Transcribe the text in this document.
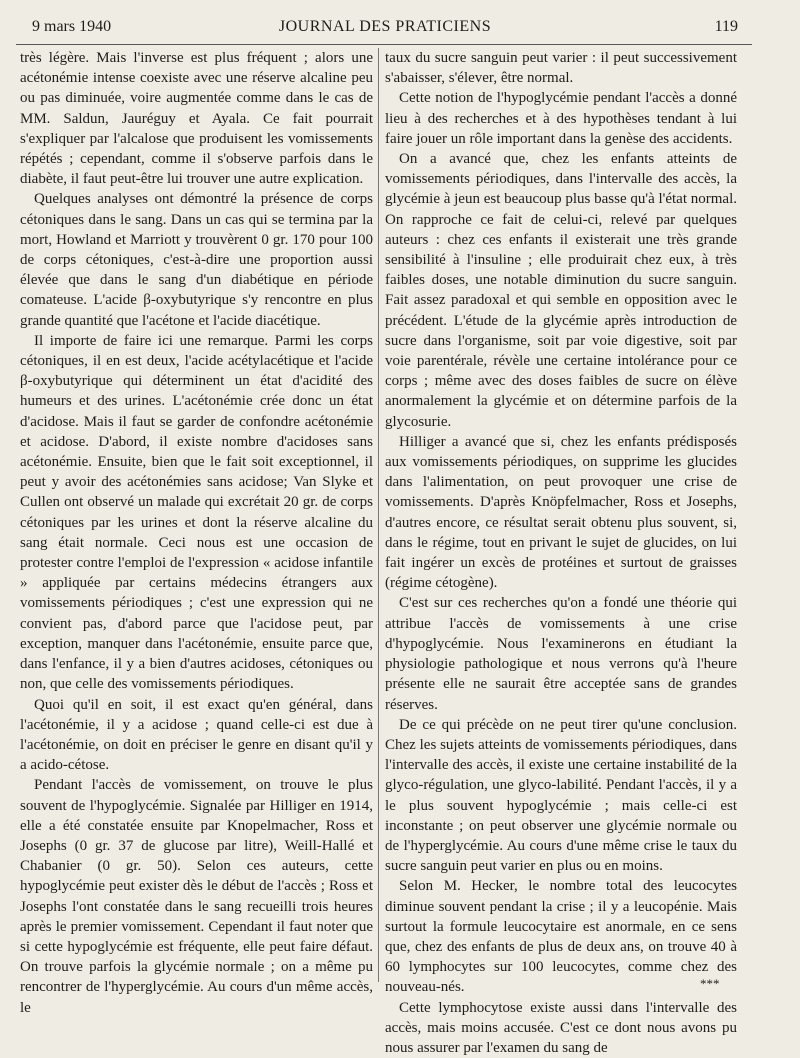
9 mars 1940	JOURNAL DES PRATICIENS	119

très légère. Mais l'inverse est plus fréquent ; alors une acétonémie intense coexiste avec une réserve alcaline peu ou pas diminuée, voire augmentée comme dans le cas de MM. Saldun, Jauréguy et Ayala. Ce fait pourrait s'expliquer par l'alcalose que produisent les vomissements répétés ; cependant, comme il s'observe parfois dans le diabète, il faut peut-être lui trouver une autre explication.

Quelques analyses ont démontré la présence de corps cétoniques dans le sang. Dans un cas qui se termina par la mort, Howland et Marriott y trouvèrent 0 gr. 170 pour 100 de corps cétoniques, c'est-à-dire une proportion aussi élevée que dans le sang d'un diabétique en période comateuse. L'acide β-oxybutyrique s'y rencontre en plus grande quantité que l'acétone et l'acide diacétique.

Il importe de faire ici une remarque. Parmi les corps cétoniques, il en est deux, l'acide acétylacétique et l'acide β-oxybutyrique qui déterminent un état d'acidité des humeurs et des urines. L'acétonémie crée donc un état d'acidose. Mais il faut se garder de confondre acétonémie et acidose. D'abord, il existe nombre d'acidoses sans acétonémie. Ensuite, bien que le fait soit exceptionnel, il peut y avoir des acétonémies sans acidose; Van Slyke et Cullen ont observé un malade qui excrétait 20 gr. de corps cétoniques par les urines et dont la réserve alcaline du sang était normale. Ceci nous est une occasion de protester contre l'emploi de l'expression « acidose infantile » appliquée par certains médecins étrangers aux vomissements périodiques ; c'est une expression qui ne convient pas, d'abord parce que l'acidose peut, par exception, manquer dans l'acétonémie, ensuite parce que, dans l'enfance, il y a bien d'autres acidoses, cétoniques ou non, que celle des vomissements périodiques.

Quoi qu'il en soit, il est exact qu'en général, dans l'acétonémie, il y a acidose ; quand celle-ci est due à l'acétonémie, on doit en préciser le genre en disant qu'il y a acido-cétose.

Pendant l'accès de vomissement, on trouve le plus souvent de l'hypoglycémie. Signalée par Hilliger en 1914, elle a été constatée ensuite par Knopelmacher, Ross et Josephs (0 gr. 37 de glucose par litre), Weill-Hallé et Chabanier (0 gr. 50). Selon ces auteurs, cette hypoglycémie peut exister dès le début de l'accès ; Ross et Josephs l'ont constatée dans le sang recueilli trois heures après le premier vomissement. Cependant il faut noter que si cette hypoglycémie est fréquente, elle peut faire défaut. On trouve parfois la glycémie normale ; on a même pu rencontrer de l'hyperglycémie. Au cours d'un même accès, le

taux du sucre sanguin peut varier : il peut successivement s'abaisser, s'élever, être normal.

Cette notion de l'hypoglycémie pendant l'accès a donné lieu à des recherches et à des hypothèses tendant à lui faire jouer un rôle important dans la genèse des accidents.

On a avancé que, chez les enfants atteints de vomissements périodiques, dans l'intervalle des accès, la glycémie à jeun est beaucoup plus basse qu'à l'état normal. On rapproche ce fait de celui-ci, relevé par quelques auteurs : chez ces enfants il existerait une très grande sensibilité à l'insuline ; elle produirait chez eux, à très faibles doses, une notable diminution du sucre sanguin. Fait assez paradoxal et qui semble en opposition avec le précédent. L'étude de la glycémie après introduction de sucre dans l'organisme, soit par voie digestive, soit par voie parentérale, révèle une certaine intolérance pour ce corps ; même avec des doses faibles de sucre on élève anormalement la glycémie et on détermine parfois de la glycosurie.

Hilliger a avancé que si, chez les enfants prédisposés aux vomissements périodiques, on supprime les glucides dans l'alimentation, on peut provoquer une crise de vomissements. D'après Knöpfelmacher, Ross et Josephs, d'autres encore, ce résultat serait obtenu plus souvent, si, dans le régime, tout en privant le sujet de glucides, on lui fait ingérer un excès de protéines et surtout de graisses (régime cétogène).

C'est sur ces recherches qu'on a fondé une théorie qui attribue l'accès de vomissements à une crise d'hypoglycémie. Nous l'examinerons en étudiant la physiologie pathologique et nous verrons qu'à l'heure présente elle ne saurait être acceptée sans de grandes réserves.

De ce qui précède on ne peut tirer qu'une conclusion. Chez les sujets atteints de vomissements périodiques, dans l'intervalle des accès, il existe une certaine instabilité de la glyco-régulation, une glyco-labilité. Pendant l'accès, il y a le plus souvent hypoglycémie ; mais celle-ci est inconstante ; on peut observer une glycémie normale ou de l'hyperglycémie. Au cours d'une même crise le taux du sucre sanguin peut varier en plus ou en moins.

Selon M. Hecker, le nombre total des leucocytes diminue souvent pendant la crise ; il y a leucopénie. Mais surtout la formule leucocytaire est anormale, en ce sens que, chez des enfants de plus de deux ans, on trouve 40 à 60 lymphocytes sur 100 leucocytes, comme chez des nouveau-nés.

Cette lymphocytose existe aussi dans l'intervalle des accès, mais moins accusée. C'est ce dont nous avons pu nous assurer par l'examen du sang de

***
